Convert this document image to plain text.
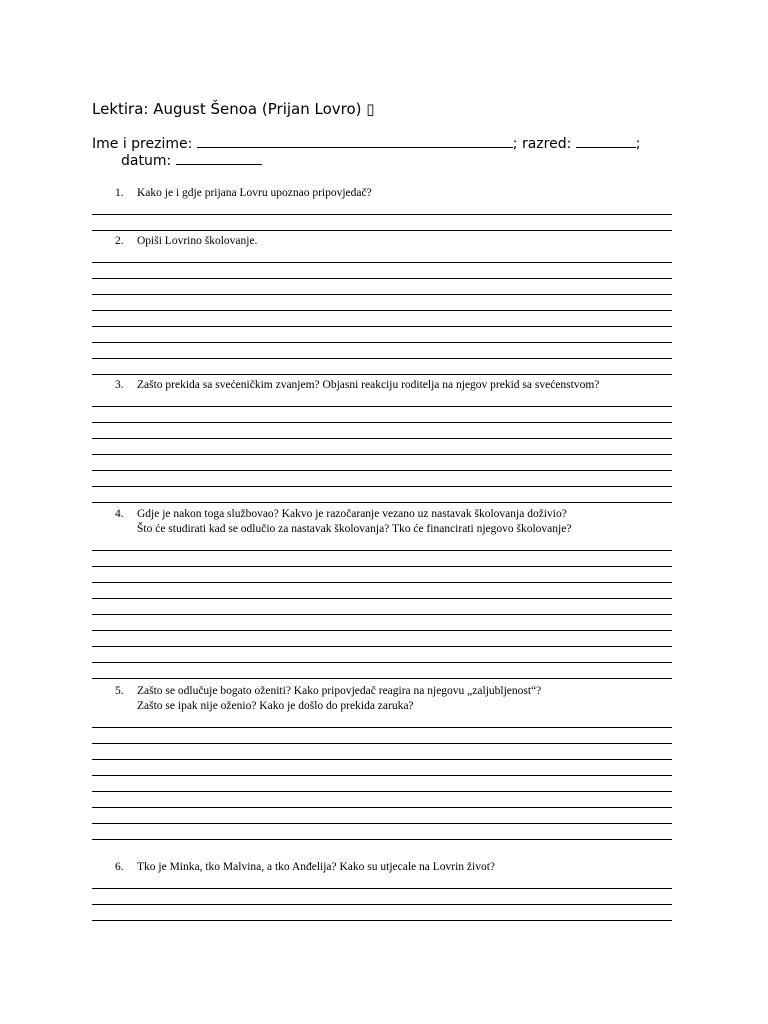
Lektira: August Šenoa (Prijan Lovro) ▯
Ime i prezime:	; razred:	;
datum:
1. Kako je i gdje prijana Lovru upoznao pripovjedač?
2. Opiši Lovrino školovanje.
3. Zašto prekida sa svećeničkim zvanjem? Objasni reakciju roditelja na njegov prekid sa svećenstvom?
4. Gdje je nakon toga službovao? Kakvo je razočaranje vezano uz nastavak školovanja doživio?
Što će studirati kad se odlučio za nastavak školovanja? Tko će financirati njegovo školovanje?
5. Zašto se odlučuje bogato oženiti? Kako pripovjedač reagira na njegovu „zaljubljenost“?
Zašto se ipak nije oženio? Kako je došlo do prekida zaruka?
6. Tko je Minka, tko Malvina, a tko Anđelija? Kako su utjecale na Lovrin život?
